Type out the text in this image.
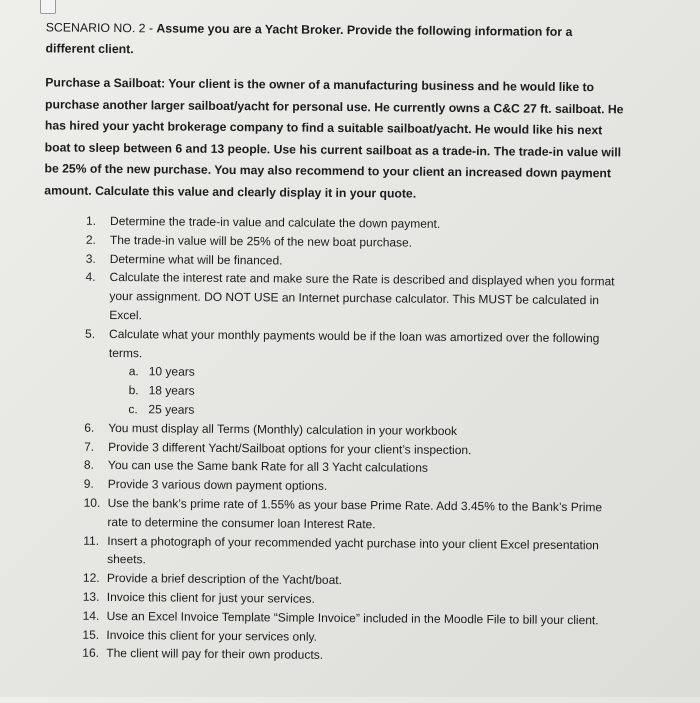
SCENARIO NO. 2 - Assume you are a Yacht Broker. Provide the following information for a different client.
Purchase a Sailboat: Your client is the owner of a manufacturing business and he would like to purchase another larger sailboat/yacht for personal use. He currently owns a C&C 27 ft. sailboat. He has hired your yacht brokerage company to find a suitable sailboat/yacht. He would like his next boat to sleep between 6 and 13 people. Use his current sailboat as a trade-in. The trade-in value will be 25% of the new purchase. You may also recommend to your client an increased down payment amount. Calculate this value and clearly display it in your quote.
1.	Determine the trade-in value and calculate the down payment.
2.	The trade-in value will be 25% of the new boat purchase.
3.	Determine what will be financed.
4.	Calculate the interest rate and make sure the Rate is described and displayed when you format your assignment. DO NOT USE an Internet purchase calculator. This MUST be calculated in Excel.
5.	Calculate what your monthly payments would be if the loan was amortized over the following terms.
a. 10 years
b. 18 years
c. 25 years
6.	You must display all Terms (Monthly) calculation in your workbook
7.	Provide 3 different Yacht/Sailboat options for your client’s inspection.
8.	You can use the Same bank Rate for all 3 Yacht calculations
9.	Provide 3 various down payment options.
10. Use the bank’s prime rate of 1.55% as your base Prime Rate. Add 3.45% to the Bank’s Prime rate to determine the consumer loan Interest Rate.
11. Insert a photograph of your recommended yacht purchase into your client Excel presentation sheets.
12. Provide a brief description of the Yacht/boat.
13. Invoice this client for just your services.
14. Use an Excel Invoice Template “Simple Invoice” included in the Moodle File to bill your client.
15. Invoice this client for your services only.
16. The client will pay for their own products.
